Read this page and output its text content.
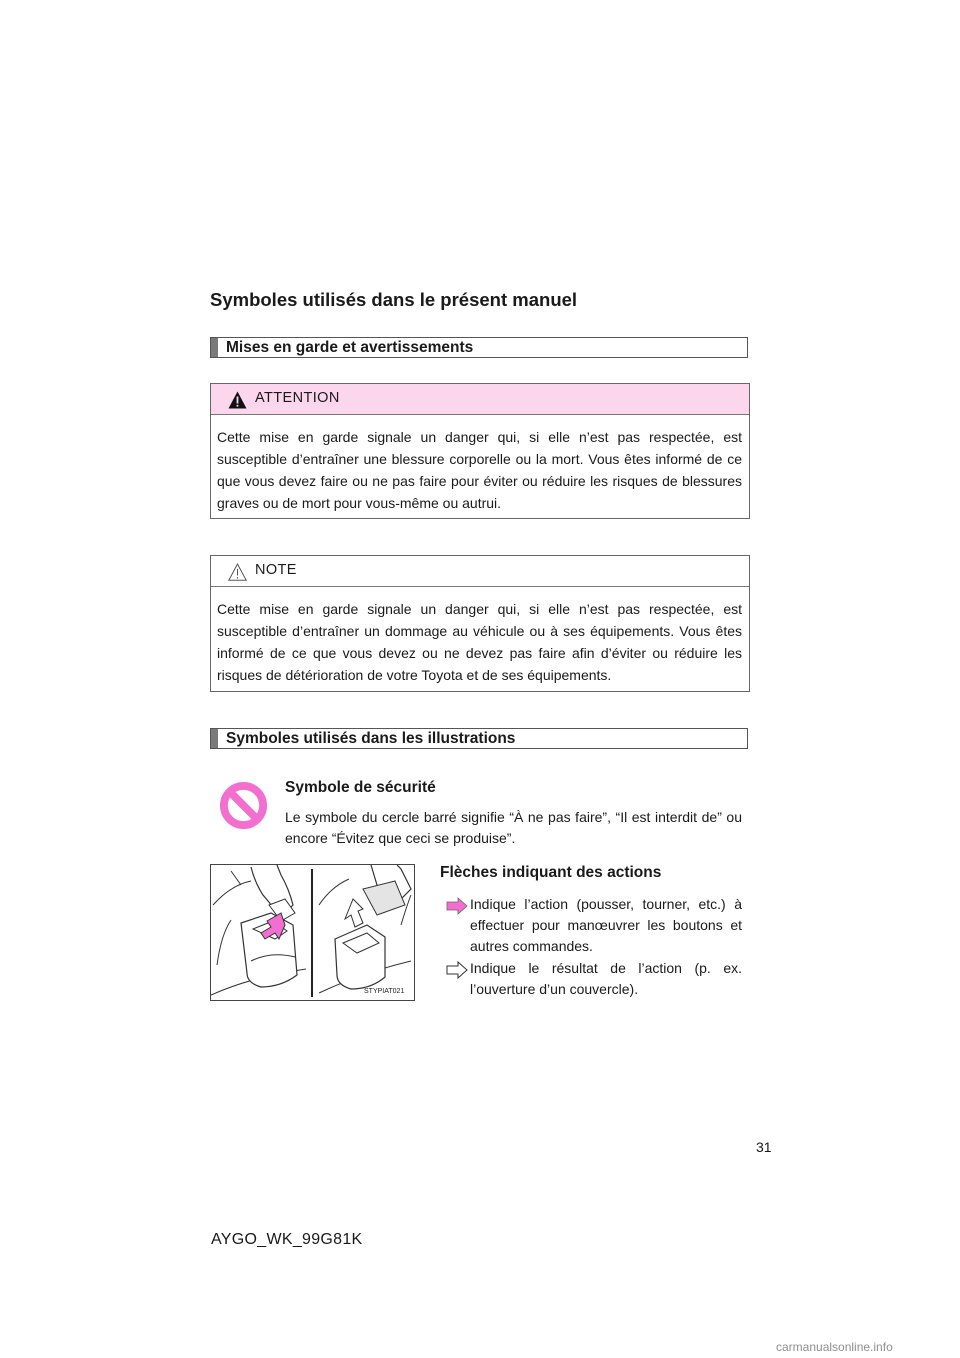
Symboles utilisés dans le présent manuel
Mises en garde et avertissements
ATTENTION
Cette mise en garde signale un danger qui, si elle n’est pas respectée, est susceptible d’entraîner une blessure corporelle ou la mort. Vous êtes informé de ce que vous devez faire ou ne pas faire pour éviter ou réduire les risques de blessures graves ou de mort pour vous-même ou autrui.
NOTE
Cette mise en garde signale un danger qui, si elle n’est pas respectée, est susceptible d’entraîner un dommage au véhicule ou à ses équipements. Vous êtes informé de ce que vous devez ou ne devez pas faire afin d’éviter ou réduire les risques de détérioration de votre Toyota et de ses équipements.
Symboles utilisés dans les illustrations
Symbole de sécurité
Le symbole du cercle barré signifie “À ne pas faire”, “Il est interdit de” ou encore “Évitez que ceci se produise”.
STYPIAT021
Flèches indiquant des actions
Indique l’action (pousser, tourner, etc.) à effectuer pour manœuvrer les boutons et autres commandes.
Indique le résultat de l’action (p. ex. l’ouverture d’un couvercle).
31
AYGO_WK_99G81K
carmanualsonline.info
